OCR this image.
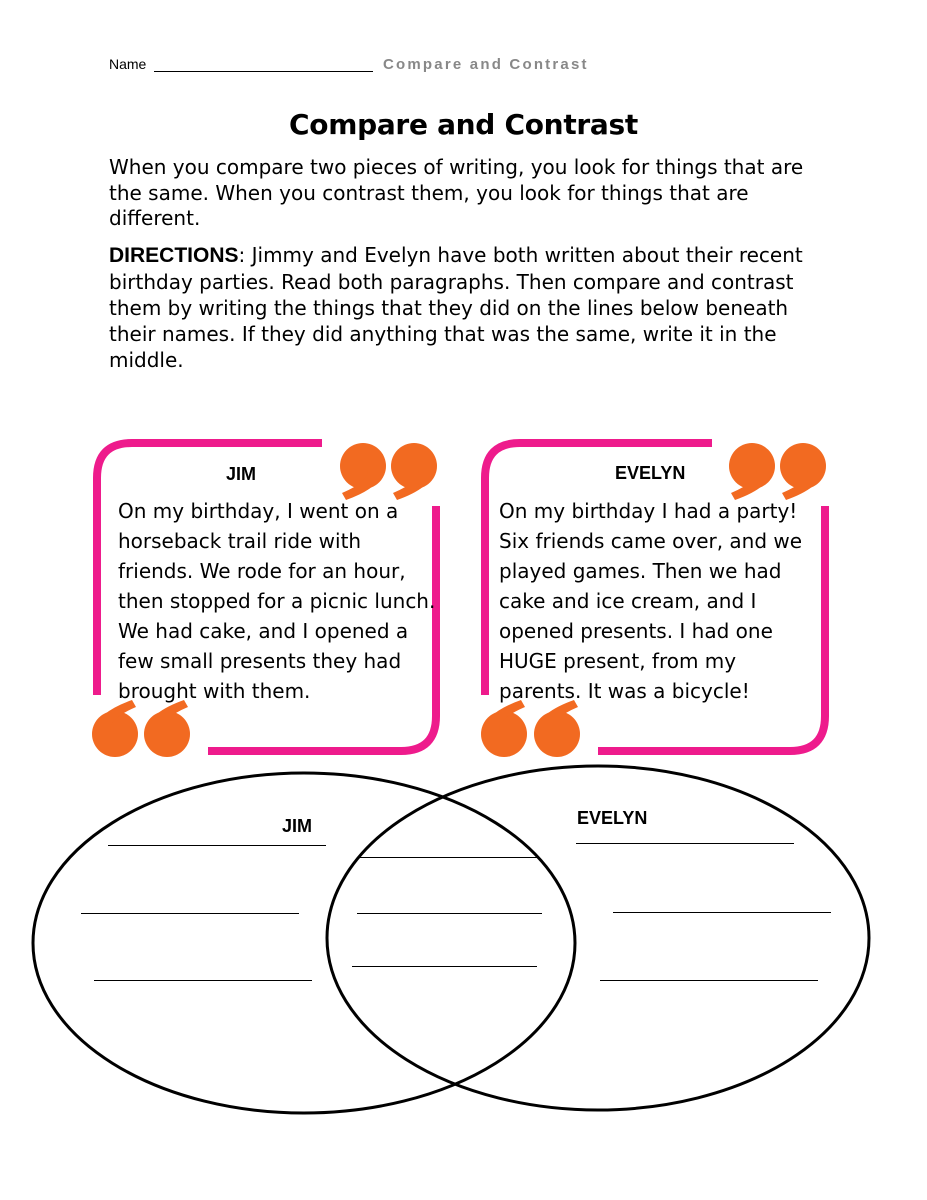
Name	Compare and Contrast
Compare and Contrast
When you compare two pieces of writing, you look for things that are the same. When you contrast them, you look for things that are different.
DIRECTIONS: Jimmy and Evelyn have both written about their recent birthday parties. Read both paragraphs. Then compare and contrast them by writing the things that they did on the lines below beneath their names. If they did anything that was the same, write it in the middle.
JIM
On my birthday, I went on a horseback trail ride with friends. We rode for an hour, then stopped for a picnic lunch. We had cake, and I opened a few small presents they had brought with them.
EVELYN
On my birthday I had a party! Six friends came over, and we played games. Then we had cake and ice cream, and I opened presents. I had one HUGE present, from my parents. It was a bicycle!
JIM	EVELYN
